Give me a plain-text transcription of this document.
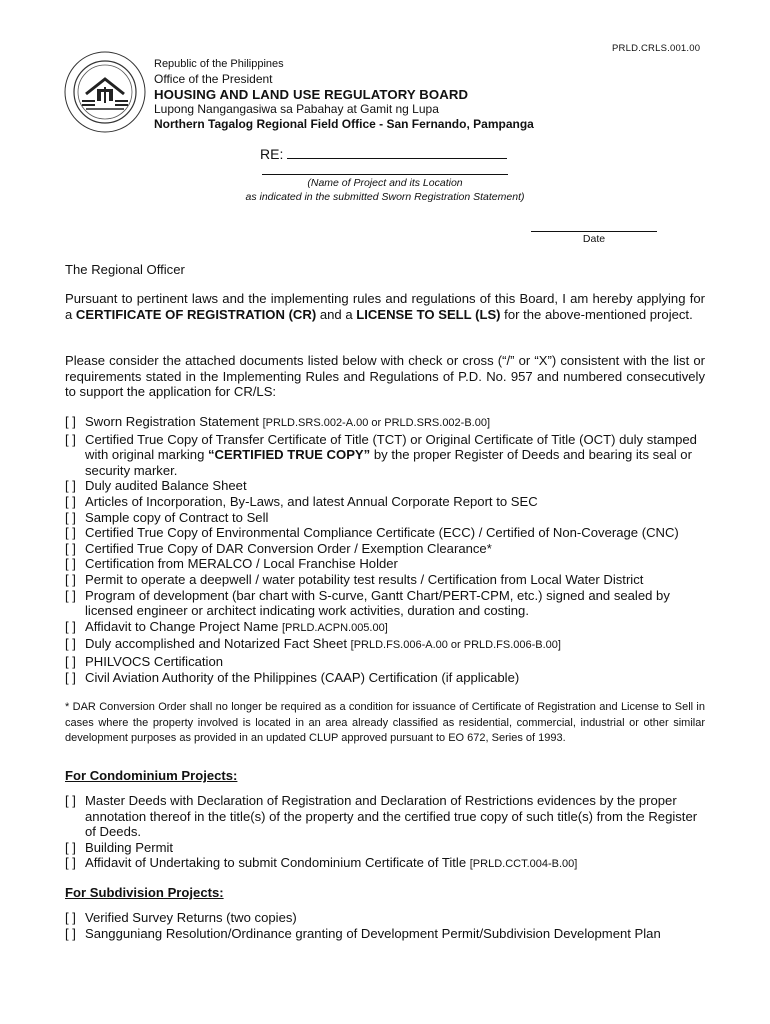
PRLD.CRLS.001.00
Republic of the Philippines
Office of the President
HOUSING AND LAND USE REGULATORY BOARD
Lupong Nangangasiwa sa Pabahay at Gamit ng Lupa
Northern Tagalog Regional Field Office - San Fernando, Pampanga
RE:
(Name of Project and its Location
as indicated in the submitted Sworn Registration Statement)
Date
The Regional Officer
Pursuant to pertinent laws and the implementing rules and regulations of this Board, I am hereby applying for a CERTIFICATE OF REGISTRATION (CR) and a LICENSE TO SELL (LS) for the above-mentioned project.
Please consider the attached documents listed below with check or cross (“/” or “X”) consistent with the list or requirements stated in the Implementing Rules and Regulations of P.D. No. 957 and numbered consecutively to support the application for CR/LS:
[ ] Sworn Registration Statement [PRLD.SRS.002-A.00 or PRLD.SRS.002-B.00]
[ ] Certified True Copy of Transfer Certificate of Title (TCT) or Original Certificate of Title (OCT) duly stamped with original marking “CERTIFIED TRUE COPY” by the proper Register of Deeds and bearing its seal or security marker.
[ ] Duly audited Balance Sheet
[ ] Articles of Incorporation, By-Laws, and latest Annual Corporate Report to SEC
[ ] Sample copy of Contract to Sell
[ ] Certified True Copy of Environmental Compliance Certificate (ECC) / Certified of Non-Coverage (CNC)
[ ] Certified True Copy of DAR Conversion Order / Exemption Clearance*
[ ] Certification from MERALCO / Local Franchise Holder
[ ] Permit to operate a deepwell / water potability test results / Certification from Local Water District
[ ] Program of development (bar chart with S-curve, Gantt Chart/PERT-CPM, etc.) signed and sealed by licensed engineer or architect indicating work activities, duration and costing.
[ ] Affidavit to Change Project Name [PRLD.ACPN.005.00]
[ ] Duly accomplished and Notarized Fact Sheet [PRLD.FS.006-A.00 or PRLD.FS.006-B.00]
[ ] PHILVOCS Certification
[ ] Civil Aviation Authority of the Philippines (CAAP) Certification (if applicable)
* DAR Conversion Order shall no longer be required as a condition for issuance of Certificate of Registration and License to Sell in cases where the property involved is located in an area already classified as residential, commercial, industrial or other similar development purposes as provided in an updated CLUP approved pursuant to EO 672, Series of 1993.
For Condominium Projects:
[ ] Master Deeds with Declaration of Registration and Declaration of Restrictions evidences by the proper annotation thereof in the title(s) of the property and the certified true copy of such title(s) from the Register of Deeds.
[ ] Building Permit
[ ] Affidavit of Undertaking to submit Condominium Certificate of Title [PRLD.CCT.004-B.00]
For Subdivision Projects:
[ ] Verified Survey Returns (two copies)
[ ] Sangguniang Resolution/Ordinance granting of Development Permit/Subdivision Development Plan
